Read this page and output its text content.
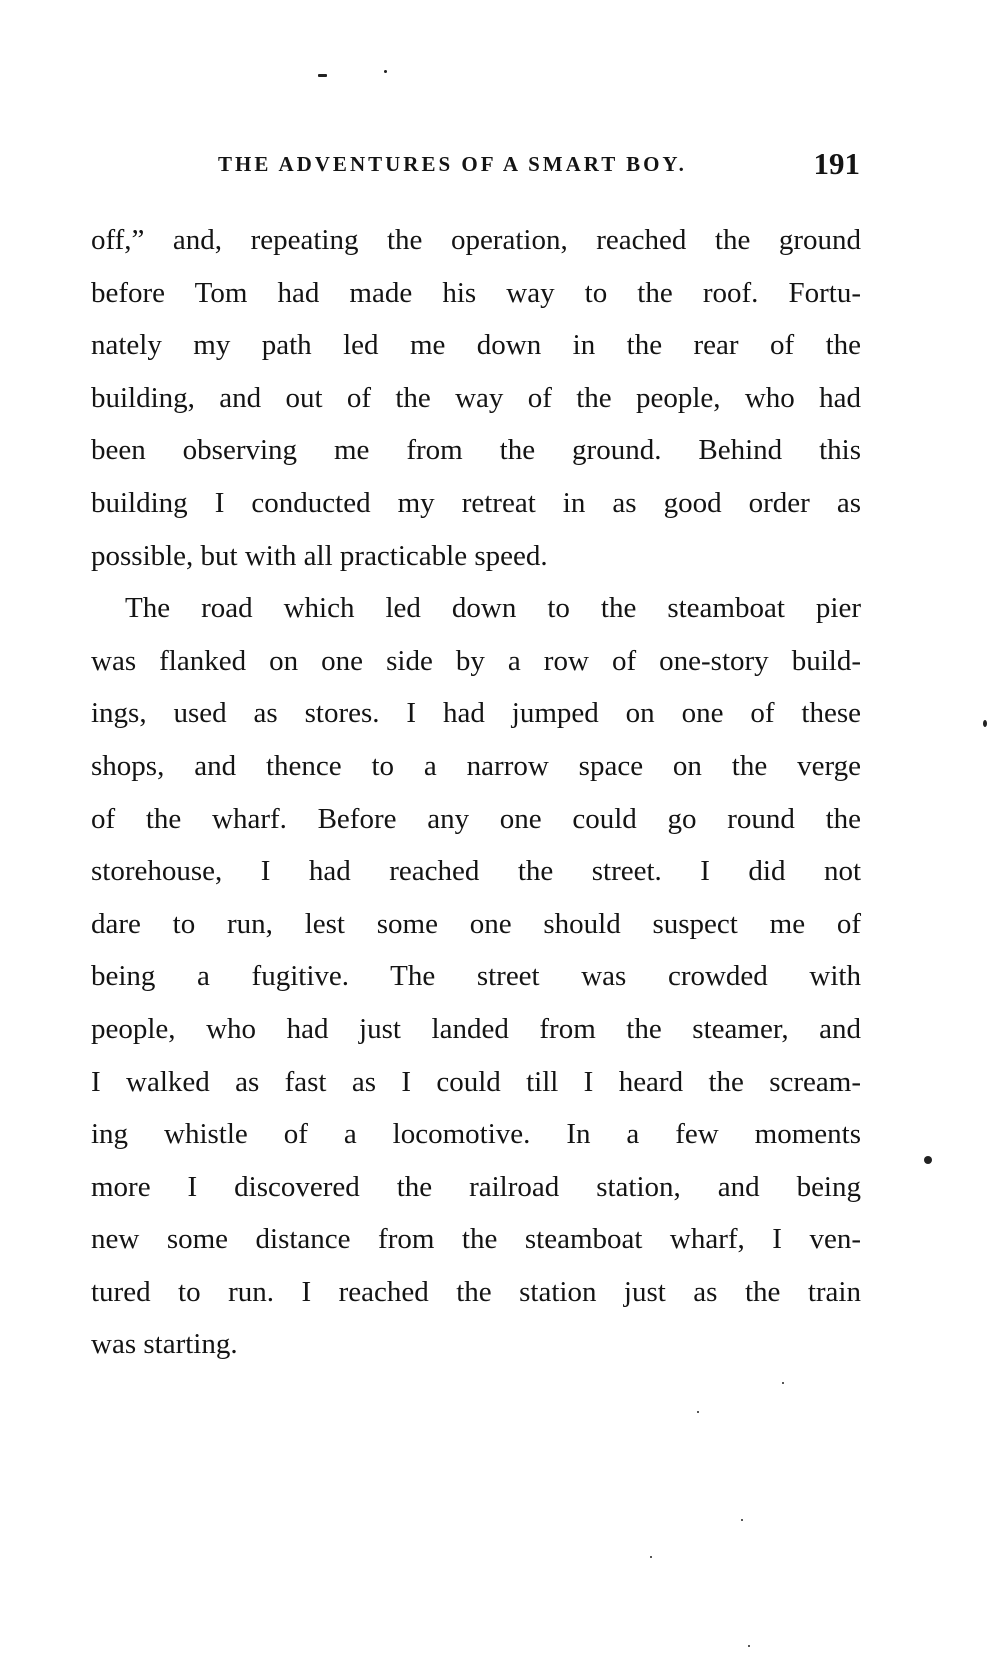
THE ADVENTURES OF A SMART BOY.	191
off,” and, repeating the operation, reached the ground
before Tom had made his way to the roof. Fortu-
nately my path led me down in the rear of the
building, and out of the way of the people, who had
been observing me from the ground. Behind this
building I conducted my retreat in as good order as
possible, but with all practicable speed.
The road which led down to the steamboat pier
was flanked on one side by a row of one-story build-
ings, used as stores. I had jumped on one of these
shops, and thence to a narrow space on the verge
of the wharf. Before any one could go round the
storehouse, I had reached the street. I did not
dare to run, lest some one should suspect me of
being a fugitive. The street was crowded with
people, who had just landed from the steamer, and
I walked as fast as I could till I heard the scream-
ing whistle of a locomotive. In a few moments
more I discovered the railroad station, and being
new some distance from the steamboat wharf, I ven-
tured to run. I reached the station just as the train
was starting.
